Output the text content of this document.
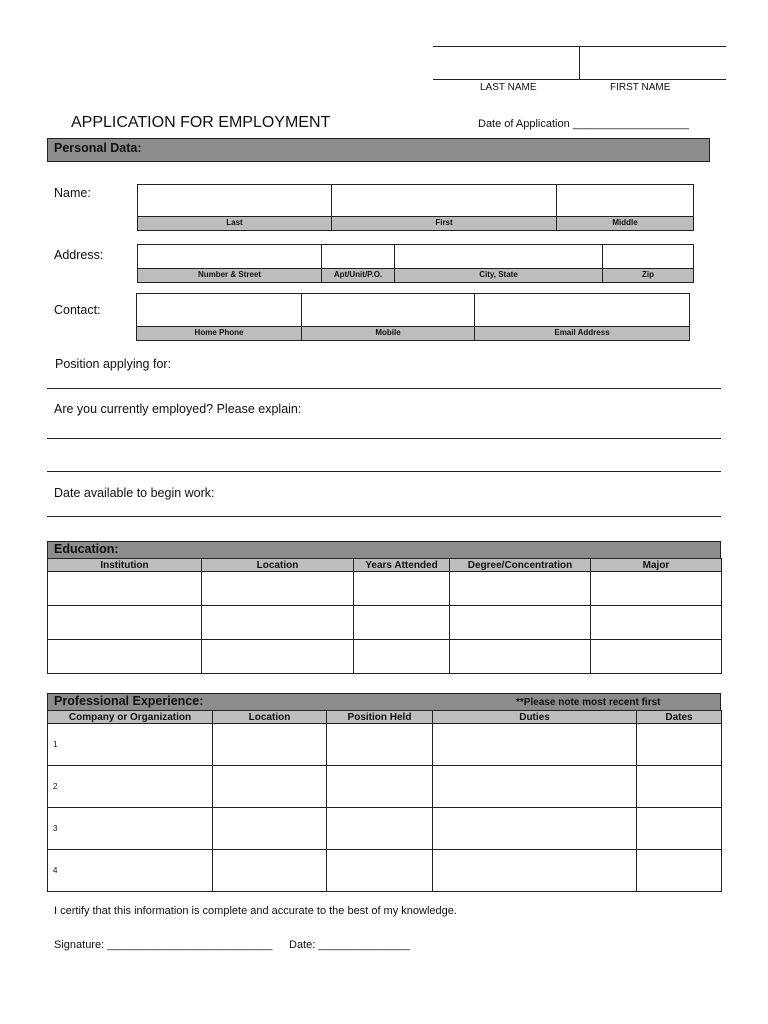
LAST NAME	FIRST NAME
APPLICATION FOR EMPLOYMENT	Date of Application ___________________
Personal Data:
Name:
Last	First	Middle
Address:
Number & Street	Apt/Unit/P.O.	City, State	Zip
Contact:
Home Phone	Mobile	Email Address
Position applying for:
Are you currently employed? Please explain:
Date available to begin work:
Education:
Institution	Location	Years Attended	Degree/Concentration	Major

Professional Experience:	**Please note most recent first
Company or Organization	Location	Position Held	Duties	Dates
1				
2				
3				
4				
I certify that this information is complete and accurate to the best of my knowledge.
Signature: ___________________________ Date: _______________
